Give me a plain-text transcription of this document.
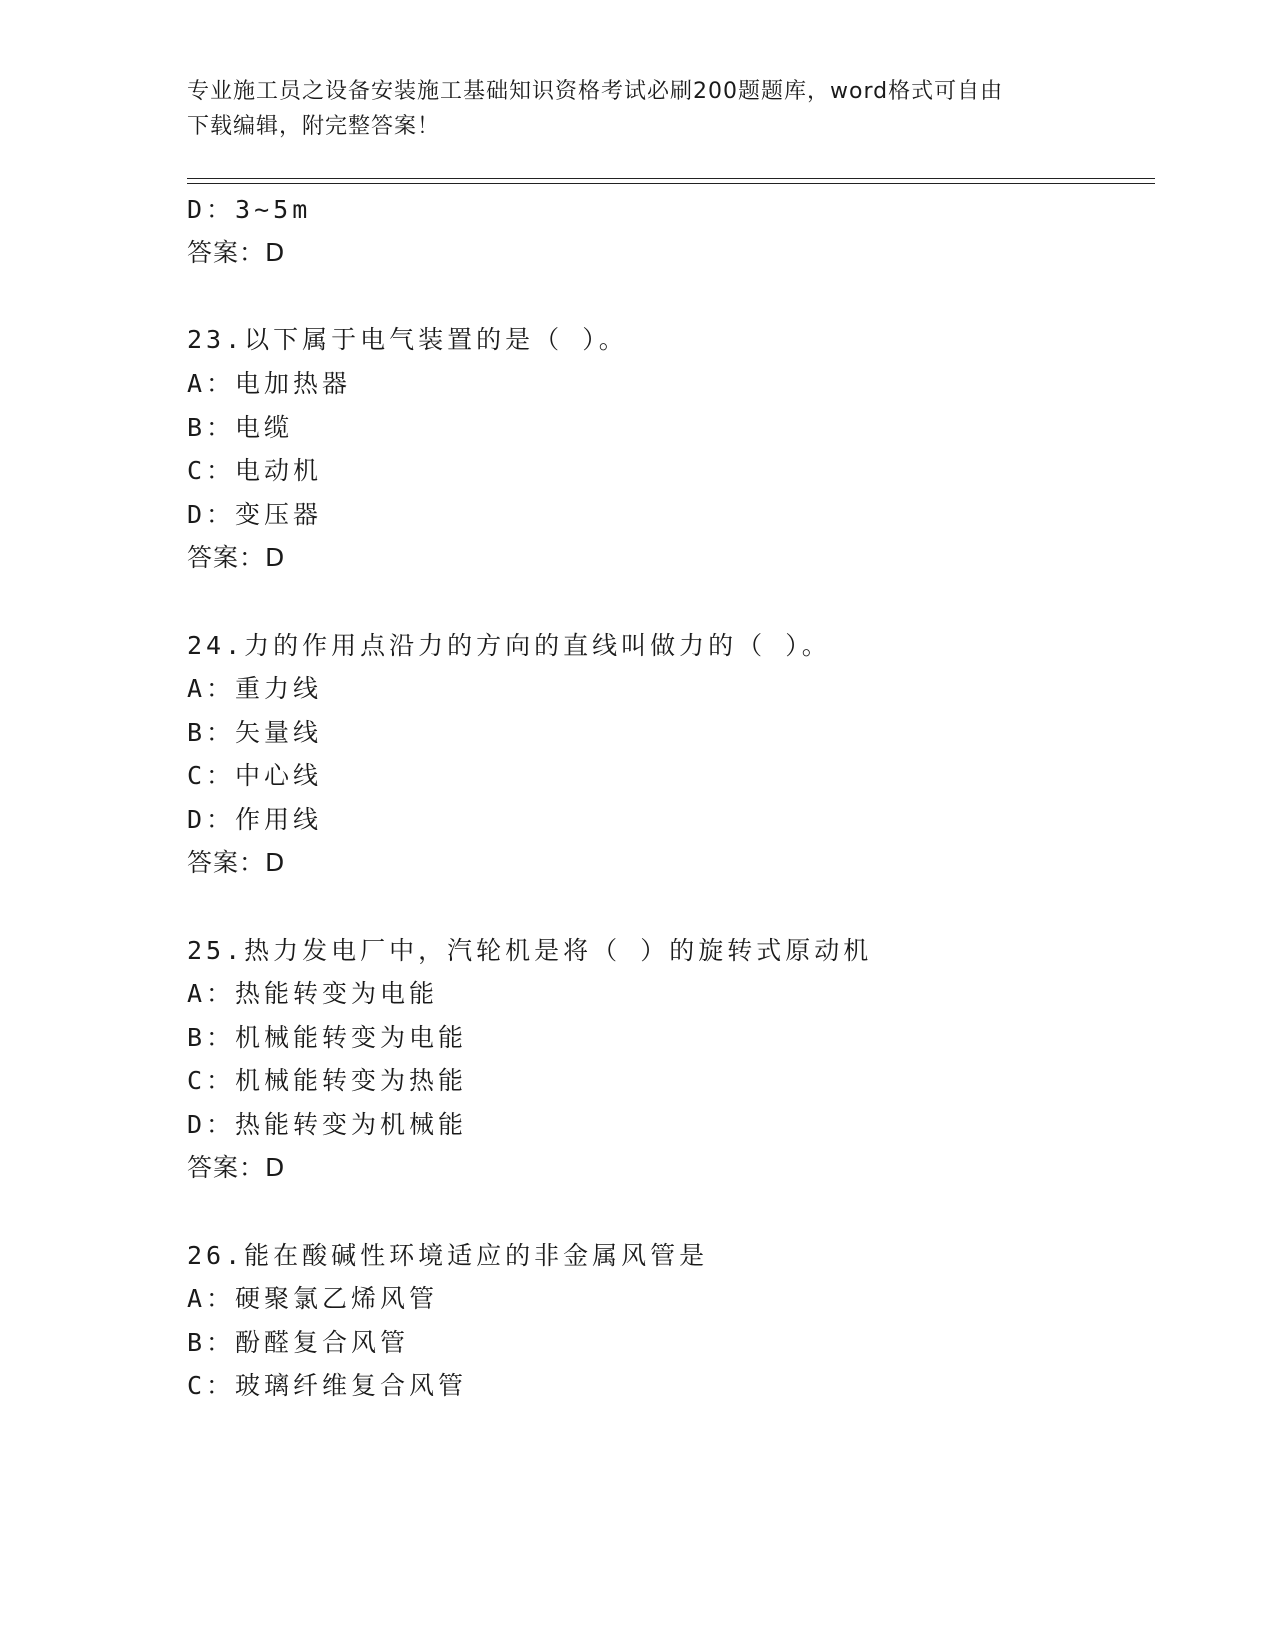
专业施工员之设备安装施工基础知识资格考试必刷200题题库，word格式可自由
下载编辑，附完整答案！
D：3~5m
答案：D
23.以下属于电气装置的是（ ）。
A：电加热器
B：电缆
C：电动机
D：变压器
答案：D
24.力的作用点沿力的方向的直线叫做力的（ ）。
A：重力线
B：矢量线
C：中心线
D：作用线
答案：D
25.热力发电厂中，汽轮机是将（ ）的旋转式原动机
A：热能转变为电能
B：机械能转变为电能
C：机械能转变为热能
D：热能转变为机械能
答案：D
26.能在酸碱性环境适应的非金属风管是
A：硬聚氯乙烯风管
B：酚醛复合风管
C：玻璃纤维复合风管
